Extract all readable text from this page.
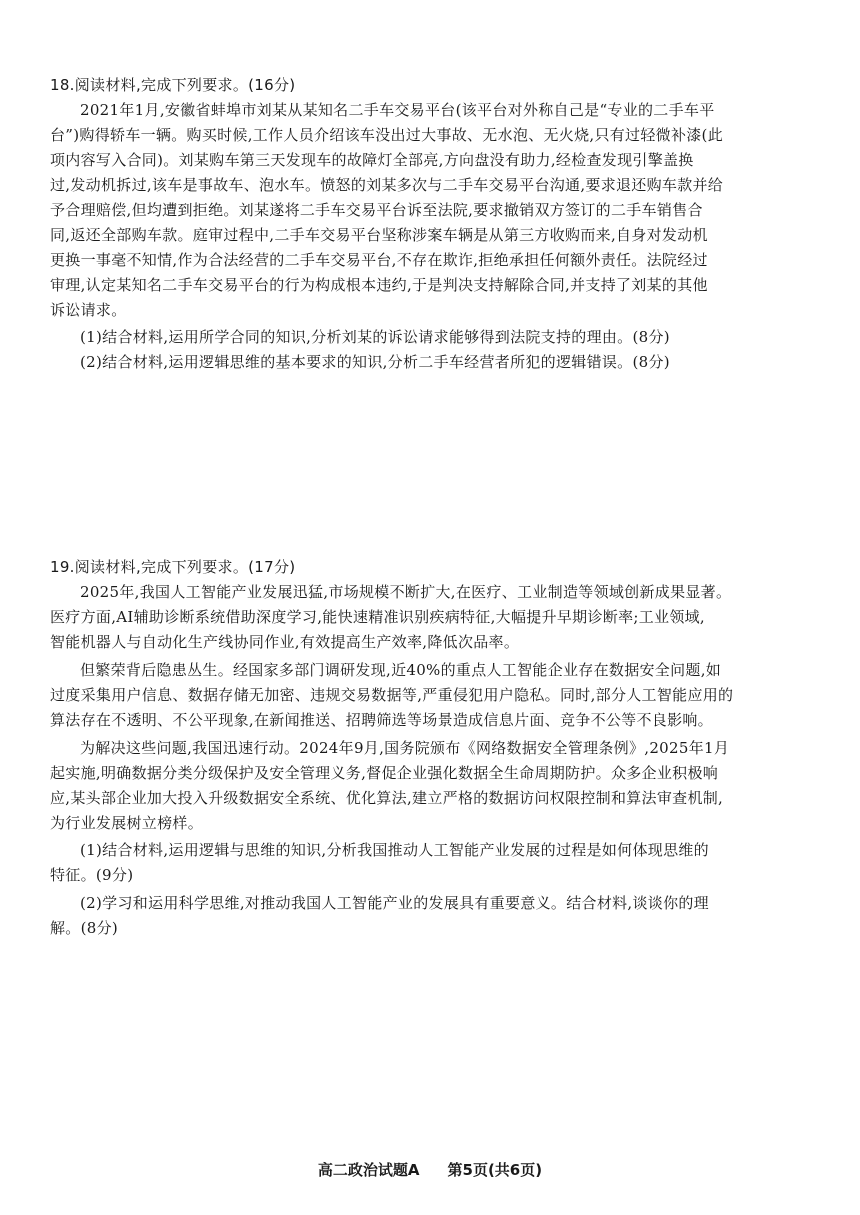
18.阅读材料,完成下列要求。(16分)
2021年1月,安徽省蚌埠市刘某从某知名二手车交易平台(该平台对外称自己是“专业的二手车平
台”)购得轿车一辆。购买时候,工作人员介绍该车没出过大事故、无水泡、无火烧,只有过轻微补漆(此
项内容写入合同)。刘某购车第三天发现车的故障灯全部亮,方向盘没有助力,经检查发现引擎盖换
过,发动机拆过,该车是事故车、泡水车。愤怒的刘某多次与二手车交易平台沟通,要求退还购车款并给
予合理赔偿,但均遭到拒绝。刘某遂将二手车交易平台诉至法院,要求撤销双方签订的二手车销售合
同,返还全部购车款。庭审过程中,二手车交易平台坚称涉案车辆是从第三方收购而来,自身对发动机
更换一事毫不知情,作为合法经营的二手车交易平台,不存在欺诈,拒绝承担任何额外责任。法院经过
审理,认定某知名二手车交易平台的行为构成根本违约,于是判决支持解除合同,并支持了刘某的其他
诉讼请求。
(1)结合材料,运用所学合同的知识,分析刘某的诉讼请求能够得到法院支持的理由。(8分)
(2)结合材料,运用逻辑思维的基本要求的知识,分析二手车经营者所犯的逻辑错误。(8分)
19.阅读材料,完成下列要求。(17分)
2025年,我国人工智能产业发展迅猛,市场规模不断扩大,在医疗、工业制造等领域创新成果显著。
医疗方面,AI辅助诊断系统借助深度学习,能快速精准识别疾病特征,大幅提升早期诊断率;工业领域,
智能机器人与自动化生产线协同作业,有效提高生产效率,降低次品率。
但繁荣背后隐患丛生。经国家多部门调研发现,近40%的重点人工智能企业存在数据安全问题,如
过度采集用户信息、数据存储无加密、违规交易数据等,严重侵犯用户隐私。同时,部分人工智能应用的
算法存在不透明、不公平现象,在新闻推送、招聘筛选等场景造成信息片面、竞争不公等不良影响。
为解决这些问题,我国迅速行动。2024年9月,国务院颁布《网络数据安全管理条例》,2025年1月
起实施,明确数据分类分级保护及安全管理义务,督促企业强化数据全生命周期防护。众多企业积极响
应,某头部企业加大投入升级数据安全系统、优化算法,建立严格的数据访问权限控制和算法审查机制,
为行业发展树立榜样。
(1)结合材料,运用逻辑与思维的知识,分析我国推动人工智能产业发展的过程是如何体现思维的
特征。(9分)
(2)学习和运用科学思维,对推动我国人工智能产业的发展具有重要意义。结合材料,谈谈你的理
解。(8分)
高二政治试题A 第5页(共6页)
